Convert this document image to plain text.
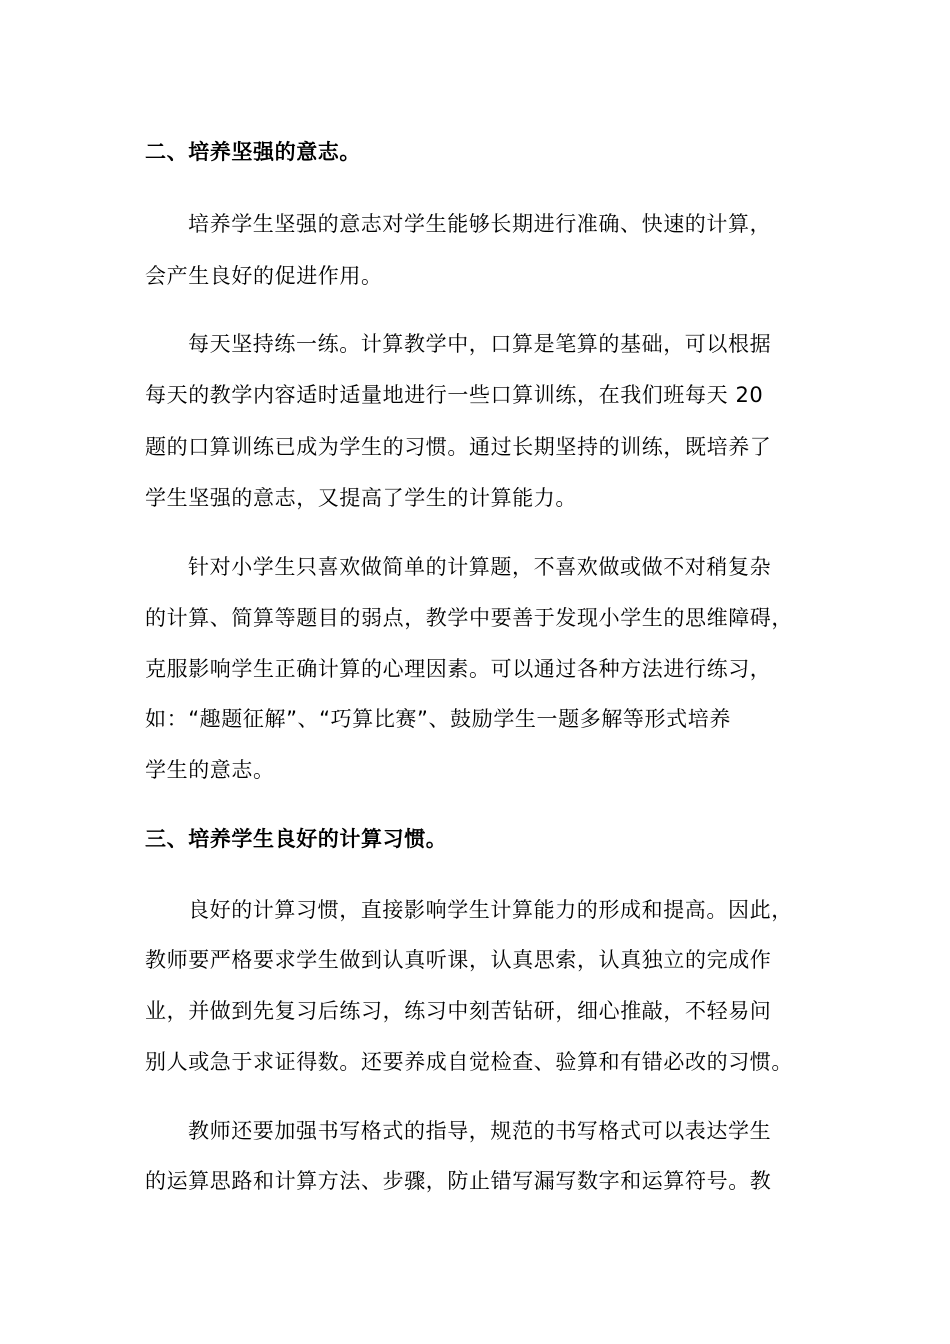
二、培养坚强的意志。
培养学生坚强的意志对学生能够长期进行准确、快速的计算，
会产生良好的促进作用。
每天坚持练一练。计算教学中，口算是笔算的基础，可以根据
每天的教学内容适时适量地进行一些口算训练，在我们班每天 20
题的口算训练已成为学生的习惯。通过长期坚持的训练，既培养了
学生坚强的意志，又提高了学生的计算能力。
针对小学生只喜欢做简单的计算题，不喜欢做或做不对稍复杂
的计算、简算等题目的弱点，教学中要善于发现小学生的思维障碍，
克服影响学生正确计算的心理因素。可以通过各种方法进行练习，
如：“趣题征解”、“巧算比赛”、鼓励学生一题多解等形式培养
学生的意志。
三、培养学生良好的计算习惯。
良好的计算习惯，直接影响学生计算能力的形成和提高。因此，
教师要严格要求学生做到认真听课，认真思索，认真独立的完成作
业，并做到先复习后练习，练习中刻苦钻研，细心推敲，不轻易问
别人或急于求证得数。还要养成自觉检查、验算和有错必改的习惯。
教师还要加强书写格式的指导，规范的书写格式可以表达学生
的运算思路和计算方法、步骤，防止错写漏写数字和运算符号。教
